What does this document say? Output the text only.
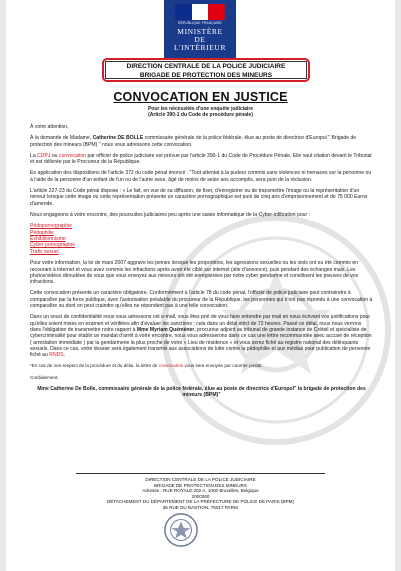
RÉPUBLIQUE FRANÇAISE
MINISTÈRE
DE
L'INTÉRIEUR
DIRECTION CENTRALE DE LA POLICE JUDICIAIRE
BRIGADE DE PROTECTION DES MINEURS
CONVOCATION EN JUSTICE
Pour les nécessités d'une enquête judiciaire
(Article 390-1 du Code de procédure pénale)

À votre attention,

À la demande de Madame, Catherine DE BOLLE commissaire générale de la police fédérale, élue au poste de directrice d'Europol " Brigade de protection des mineurs (BPM) " nous vous adressons cette convocation.

La CDPJ ou convocation par officier de police judiciaire est prévue par l'article 390-1 du Code de Procédure Pénale. Elle vaut citation devant le Tribunal et est délivrée par le Procureur de la République.

En application des dispositions de l'article 372 du code pénal énoncé : "Tout attentat à la pudeur commis sans violences ni menaces sur la personne ou à l'aide de la personne d'un enfant de l'un ou de l'autre sexe, âgé de moins de seize ans accomplis, sera puni de la réclusion.

L'article 227-23 du Code pénal dispose : « Le fait, en vue de sa diffusion, de fixer, d'enregistrer ou de transmettre l'image ou la représentation d'un mineur lorsque cette image ou cette représentation présente un caractère pornographique est puni de cinq ans d'emprisonnement et de 75 000 Euros d'amende.

Nous engageons à votre encontre, des poursuites judiciaires peu après une saisie informatique de la Cyber-infiltration pour :

Pédopornographie
Pédophilie
Exhibitionnisme
Cyber pornographie
Trafic sexuel

Pour votre information, la loi de mars 2007 aggrave les peines lorsque les proportions, les agressions sexuelles ou les viols ont eu été commis en recourant à internet et vous avez commis les infractions après avoir été ciblé sur internet (site d'annonce), puis pendant des échanges mais. Les photos/vidéos dénudées de vous que vous envoyez aux mineurs ont été enregistrées par notre cyber gendarme et constituent les preuves de vos infractions.

Cette convocation présente un caractère obligatoire. Conformément à l'article 78 du code pénal, l'officier de police judiciaire peut contraindre à comparaître par la force publique, avec l'autorisation préalable du procureur de la République, les personnes qui n'ont pas répondu à une convocation à comparaître ou dont on peut craindre qu'elles ne répondent pas à une telle convocation.

Dans un souci de confidentialité nous vous adressons cet e-mail, vous êtes prié de vous faire entendre par mail en nous écrivant vos justifications pour qu'elles soient mises en examen et vérifiées afin d'évaluer les sanctions ; cela dans un délai strict de 72 heures. Passé ce délai, nous nous verrons dans l'obligation de transmettre notre rapport à Mme Myriam Quéméner, procureur adjoint au tribunal de grande instance de Créteil et spécialiste de cybercriminalité pour établir un mandat d'arrêt à votre encontre, nous vous adresserons dans ce cas une lettre recommandée avec accusé de réception ( arrestation immédiate ) par la gendarmerie la plus proche de votre « Lieu de résidence » et vous serez fiché au registre national des délinquants sexuels. Dans ce cas, votre dossier sera également transmis aux associations de lutte contre la pédophilie et aux médias pour publication de personne fiché au RNDS.

*En cas de non-respect de la procédure et du délai, la lettre de convocation vous sera envoyée par courrier postal.

Cordialement,

Mme Catherine De Bolle, commissaire générale de la police fédérale, élue au poste de directrice d'Europol" la brigade de protection des mineurs (BPM)"

DIRECTION CENTRALE DE LA POLICE JUDICIAIRE
BRIGADE DE PROTECTION DES MINEURS
Adresse : RUE ROYALE 202 A, 1000 Bruxelles, Belgique
2000360
DÉTACHEMENT DU DÉPARTEMENT DE LA PRÉFECTURE DE POLICE DE PARIS (BPM)
36 RUE DU BASTION, 75017 PARIS
